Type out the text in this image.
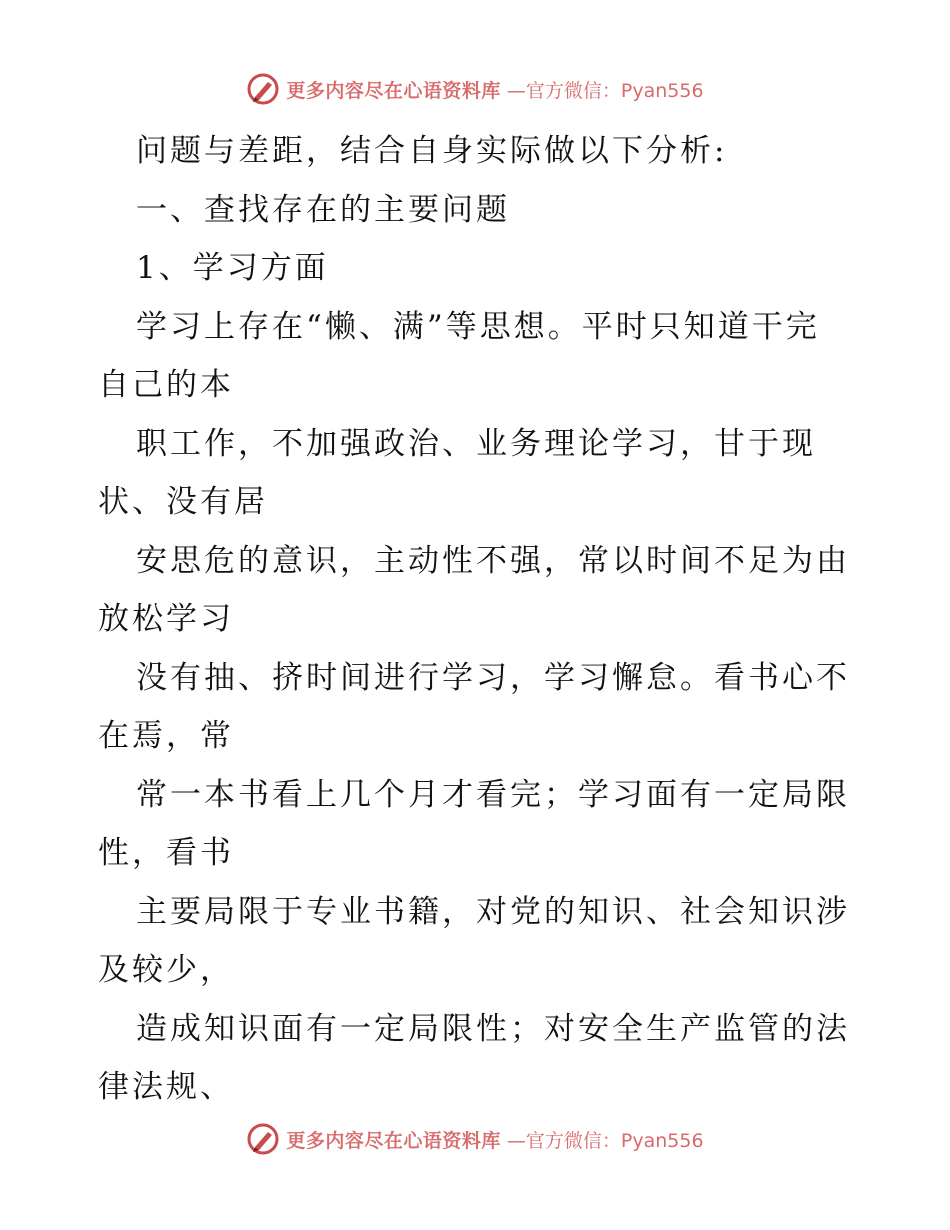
更多内容尽在心语资料库 —官方微信：Pyan556

问题与差距，结合自身实际做以下分析:

一、查找存在的主要问题

1、学习方面

学习上存在“懒、满”等思想。平时只知道干完
自己的本

职工作，不加强政治、业务理论学习，甘于现
状、没有居

安思危的意识，主动性不强，常以时间不足为由
放松学习

没有抽、挤时间进行学习，学习懈怠。看书心不
在焉，常

常一本书看上几个月才看完；学习面有一定局限
性，看书

主要局限于专业书籍，对党的知识、社会知识涉
及较少，

造成知识面有一定局限性；对安全生产监管的法
律法规、

更多内容尽在心语资料库 —官方微信：Pyan556
